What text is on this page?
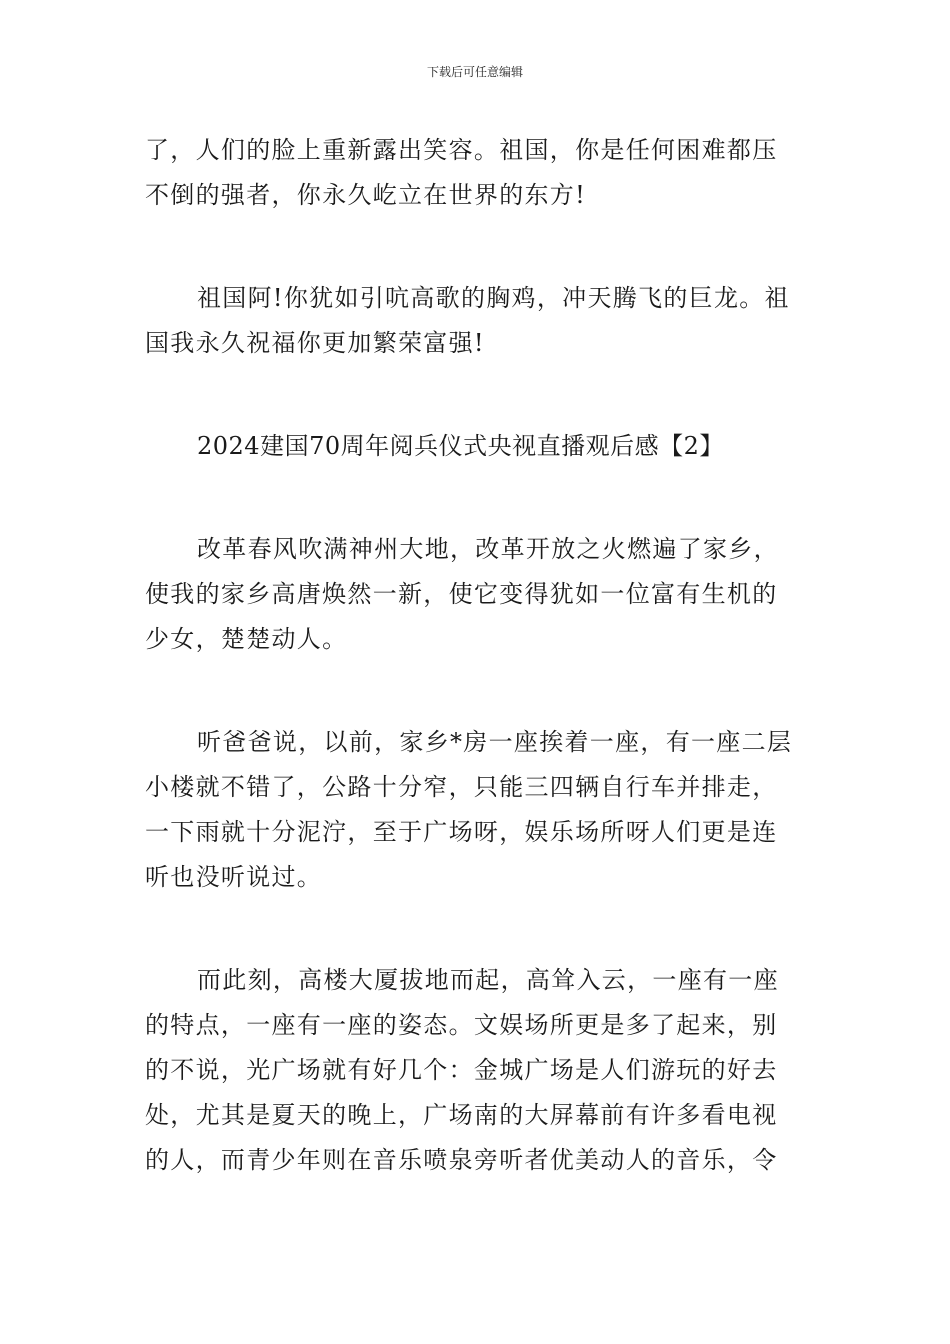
下载后可任意编辑
了，人们的脸上重新露出笑容。祖国，你是任何困难都压
不倒的强者，你永久屹立在世界的东方!
祖国阿!你犹如引吭高歌的胸鸡，冲天腾飞的巨龙。祖
国我永久祝福你更加繁荣富强!
2024建国70周年阅兵仪式央视直播观后感【2】
改革春风吹满神州大地，改革开放之火燃遍了家乡，
使我的家乡高唐焕然一新，使它变得犹如一位富有生机的
少女，楚楚动人。
听爸爸说，以前，家乡*房一座挨着一座，有一座二层
小楼就不错了，公路十分窄，只能三四辆自行车并排走，
一下雨就十分泥泞，至于广场呀，娱乐场所呀人们更是连
听也没听说过。
而此刻，高楼大厦拔地而起，高耸入云，一座有一座
的特点，一座有一座的姿态。文娱场所更是多了起来，别
的不说，光广场就有好几个：金城广场是人们游玩的好去
处，尤其是夏天的晚上，广场南的大屏幕前有许多看电视
的人，而青少年则在音乐喷泉旁听者优美动人的音乐，令
